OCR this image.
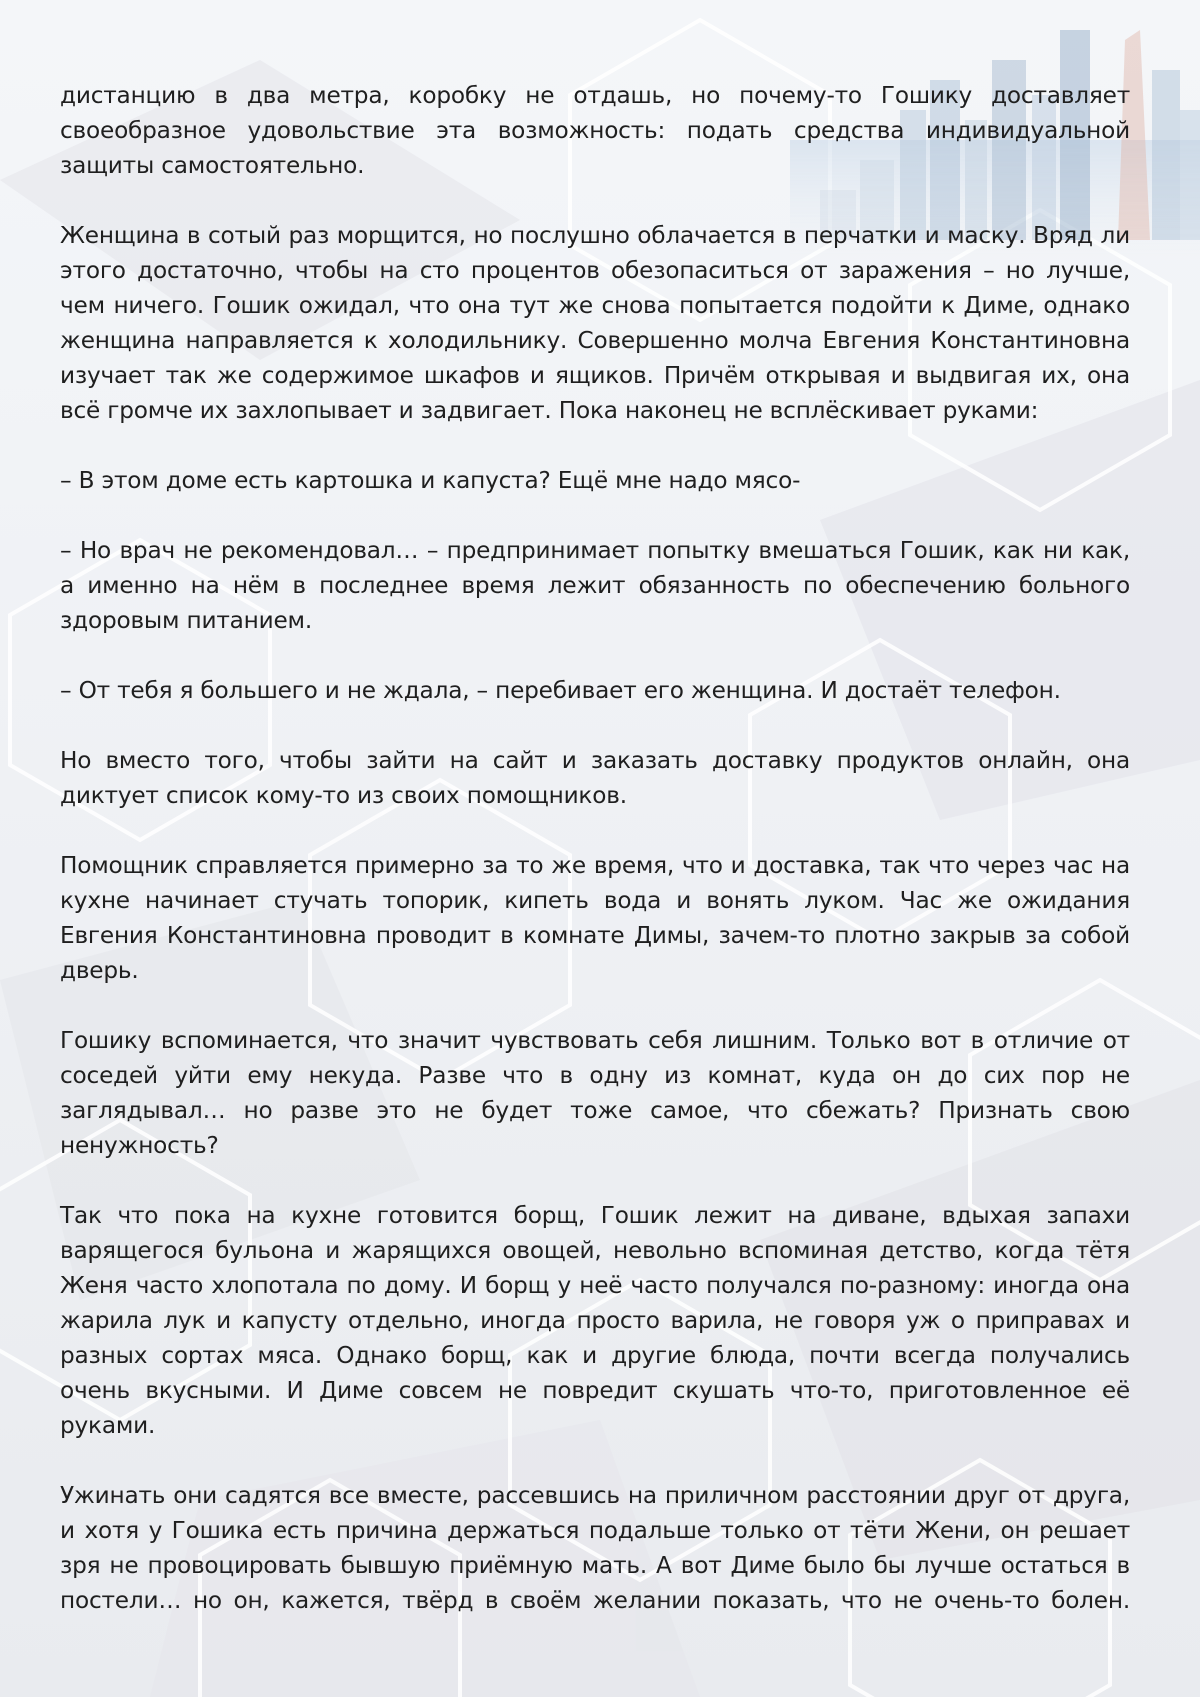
дистанцию в два метра, коробку не отдашь, но почему-то Гошику доставляет своеобразное удовольствие эта возможность: подать средства индивидуальной защиты самостоятельно.

Женщина в сотый раз морщится, но послушно облачается в перчатки и маску. Вряд ли этого достаточно, чтобы на сто процентов обезопаситься от заражения – но лучше, чем ничего. Гошик ожидал, что она тут же снова попытается подойти к Диме, однако женщина направляется к холодильнику. Совершенно молча Евгения Константиновна изучает так же содержимое шкафов и ящиков. Причём открывая и выдвигая их, она всё громче их захлопывает и задвигает. Пока наконец не всплёскивает руками:

– В этом доме есть картошка и капуста? Ещё мне надо мясо-

– Но врач не рекомендовал… – предпринимает попытку вмешаться Гошик, как ни как, а именно на нём в последнее время лежит обязанность по обеспечению больного здоровым питанием.

– От тебя я большего и не ждала, – перебивает его женщина. И достаёт телефон.

Но вместо того, чтобы зайти на сайт и заказать доставку продуктов онлайн, она диктует список кому-то из своих помощников.

Помощник справляется примерно за то же время, что и доставка, так что через час на кухне начинает стучать топорик, кипеть вода и вонять луком. Час же ожидания Евгения Константиновна проводит в комнате Димы, зачем-то плотно закрыв за собой дверь.

Гошику вспоминается, что значит чувствовать себя лишним. Только вот в отличие от соседей уйти ему некуда. Разве что в одну из комнат, куда он до сих пор не заглядывал… но разве это не будет тоже самое, что сбежать? Признать свою ненужность?

Так что пока на кухне готовится борщ, Гошик лежит на диване, вдыхая запахи варящегося бульона и жарящихся овощей, невольно вспоминая детство, когда тётя Женя часто хлопотала по дому. И борщ у неё часто получался по-разному: иногда она жарила лук и капусту отдельно, иногда просто варила, не говоря уж о приправах и разных сортах мяса. Однако борщ, как и другие блюда, почти всегда получались очень вкусными. И Диме совсем не повредит скушать что-то, приготовленное её руками.

Ужинать они садятся все вместе, рассевшись на приличном расстоянии друг от друга, и хотя у Гошика есть причина держаться подальше только от тёти Жени, он решает зря не провоцировать бывшую приёмную мать. А вот Диме было бы лучше остаться в постели… но он, кажется, твёрд в своём желании показать, что не очень-то болен.
